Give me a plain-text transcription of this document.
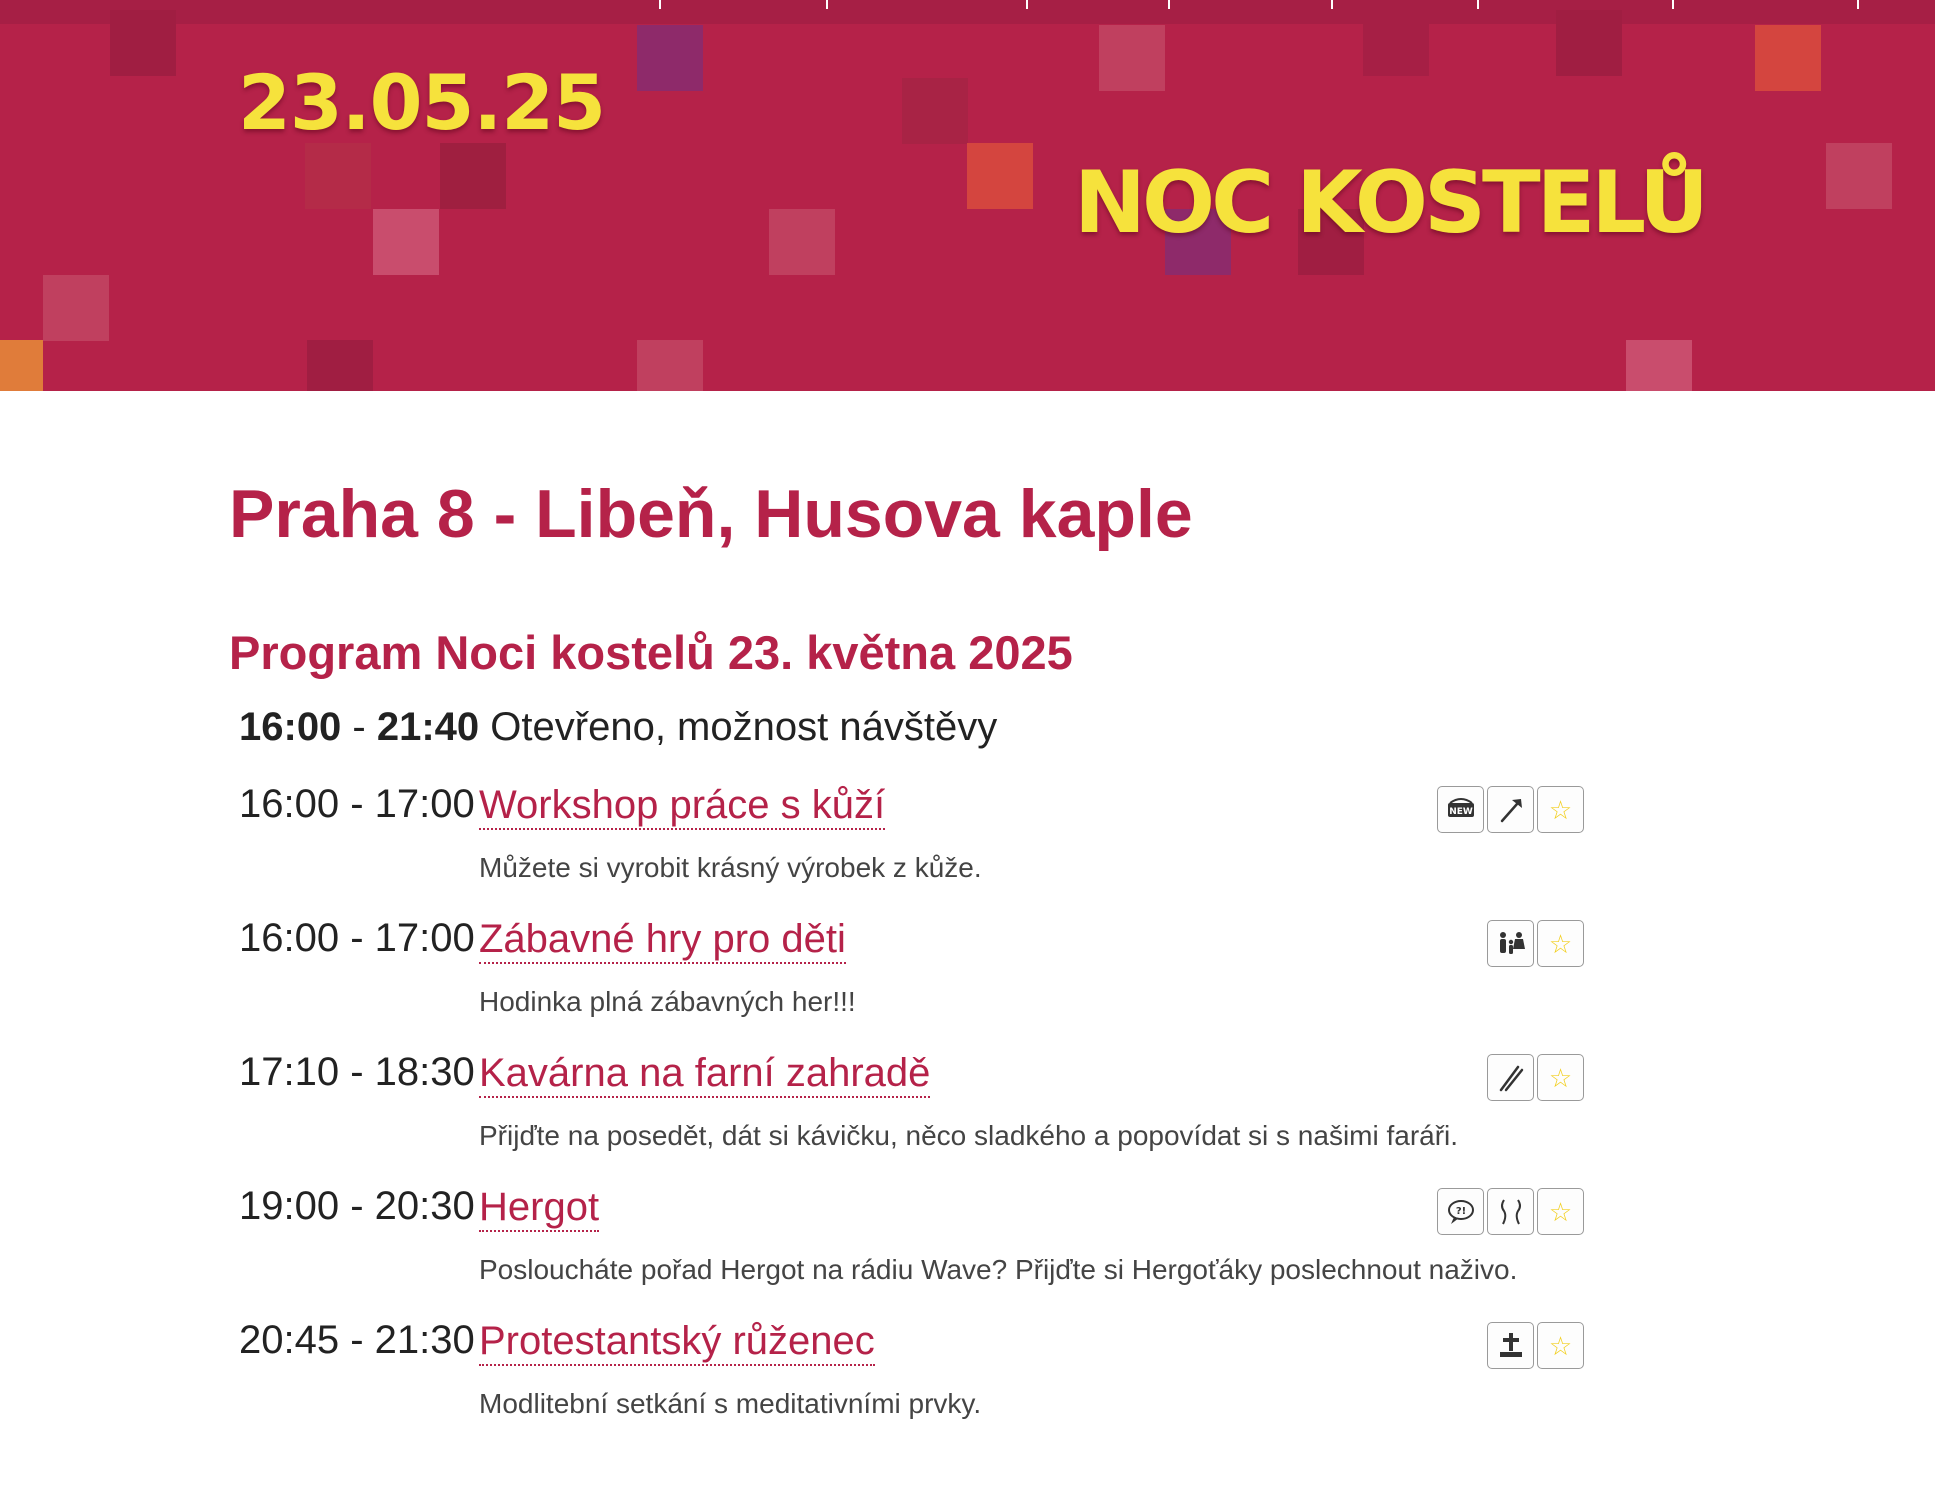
23.05.25
NOC KOSTELŮ
Praha 8 - Libeň, Husova kaple
Program Noci kostelů 23. května 2025
16:00 - 21:40 Otevřeno, možnost návštěvy
16:00 - 17:00 Workshop práce s kůží
Můžete si vyrobit krásný výrobek z kůže.
NEW	☆
16:00 - 17:00 Zábavné hry pro děti
Hodinka plná zábavných her!!!
☆
17:10 - 18:30 Kavárna na farní zahradě
Přijďte na posedět, dát si kávičku, něco sladkého a popovídat si s našimi faráři.
☆
19:00 - 20:30 Hergot
Posloucháte pořad Hergot na rádiu Wave? Přijďte si Hergoťáky poslechnout naživo.
?!	☆
20:45 - 21:30 Protestantský růženec
Modlitební setkání s meditativními prvky.
☆
